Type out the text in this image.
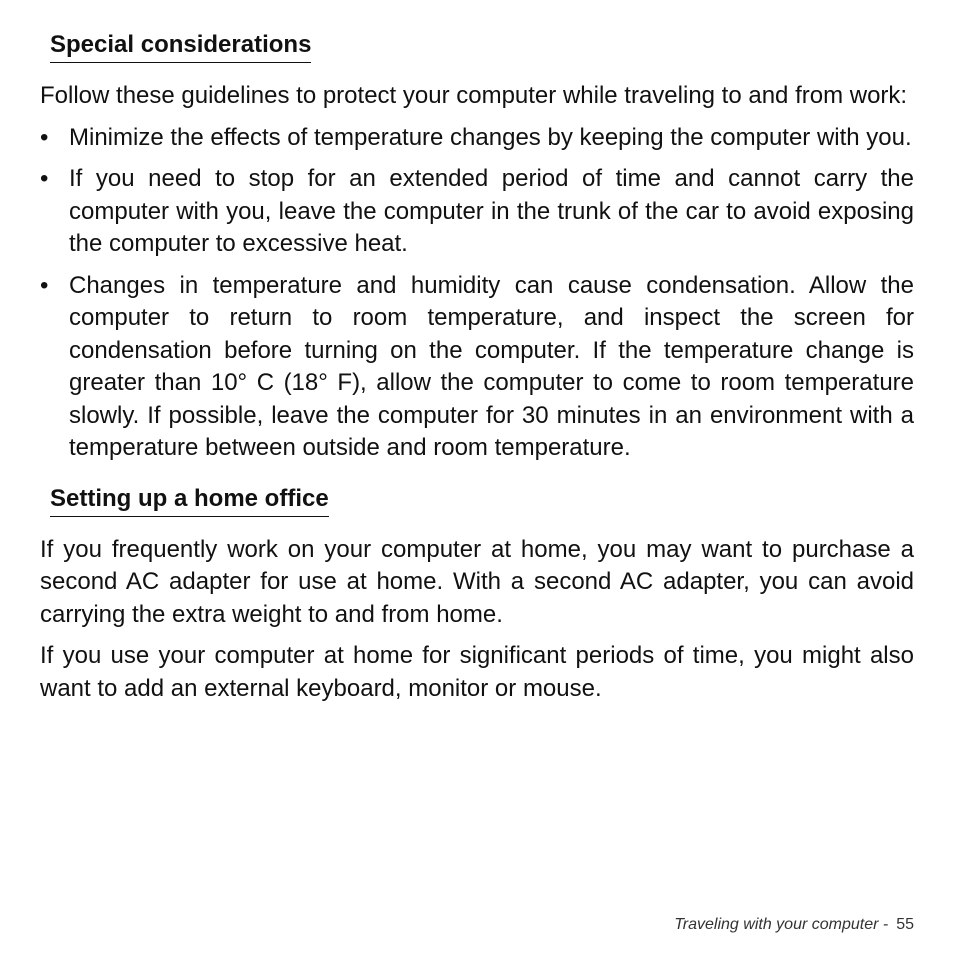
Special considerations

Follow these guidelines to protect your computer while traveling to and from work:

• Minimize the effects of temperature changes by keeping the computer with you.
• If you need to stop for an extended period of time and cannot carry the computer with you, leave the computer in the trunk of the car to avoid exposing the computer to excessive heat.
• Changes in temperature and humidity can cause condensation. Allow the computer to return to room temperature, and inspect the screen for condensation before turning on the computer. If the temperature change is greater than 10° C (18° F), allow the computer to come to room temperature slowly. If possible, leave the computer for 30 minutes in an environment with a temperature between outside and room temperature.
Setting up a home office

If you frequently work on your computer at home, you may want to purchase a second AC adapter for use at home. With a second AC adapter, you can avoid carrying the extra weight to and from home.

If you use your computer at home for significant periods of time, you might also want to add an external keyboard, monitor or mouse.

Traveling with your computer - 55
